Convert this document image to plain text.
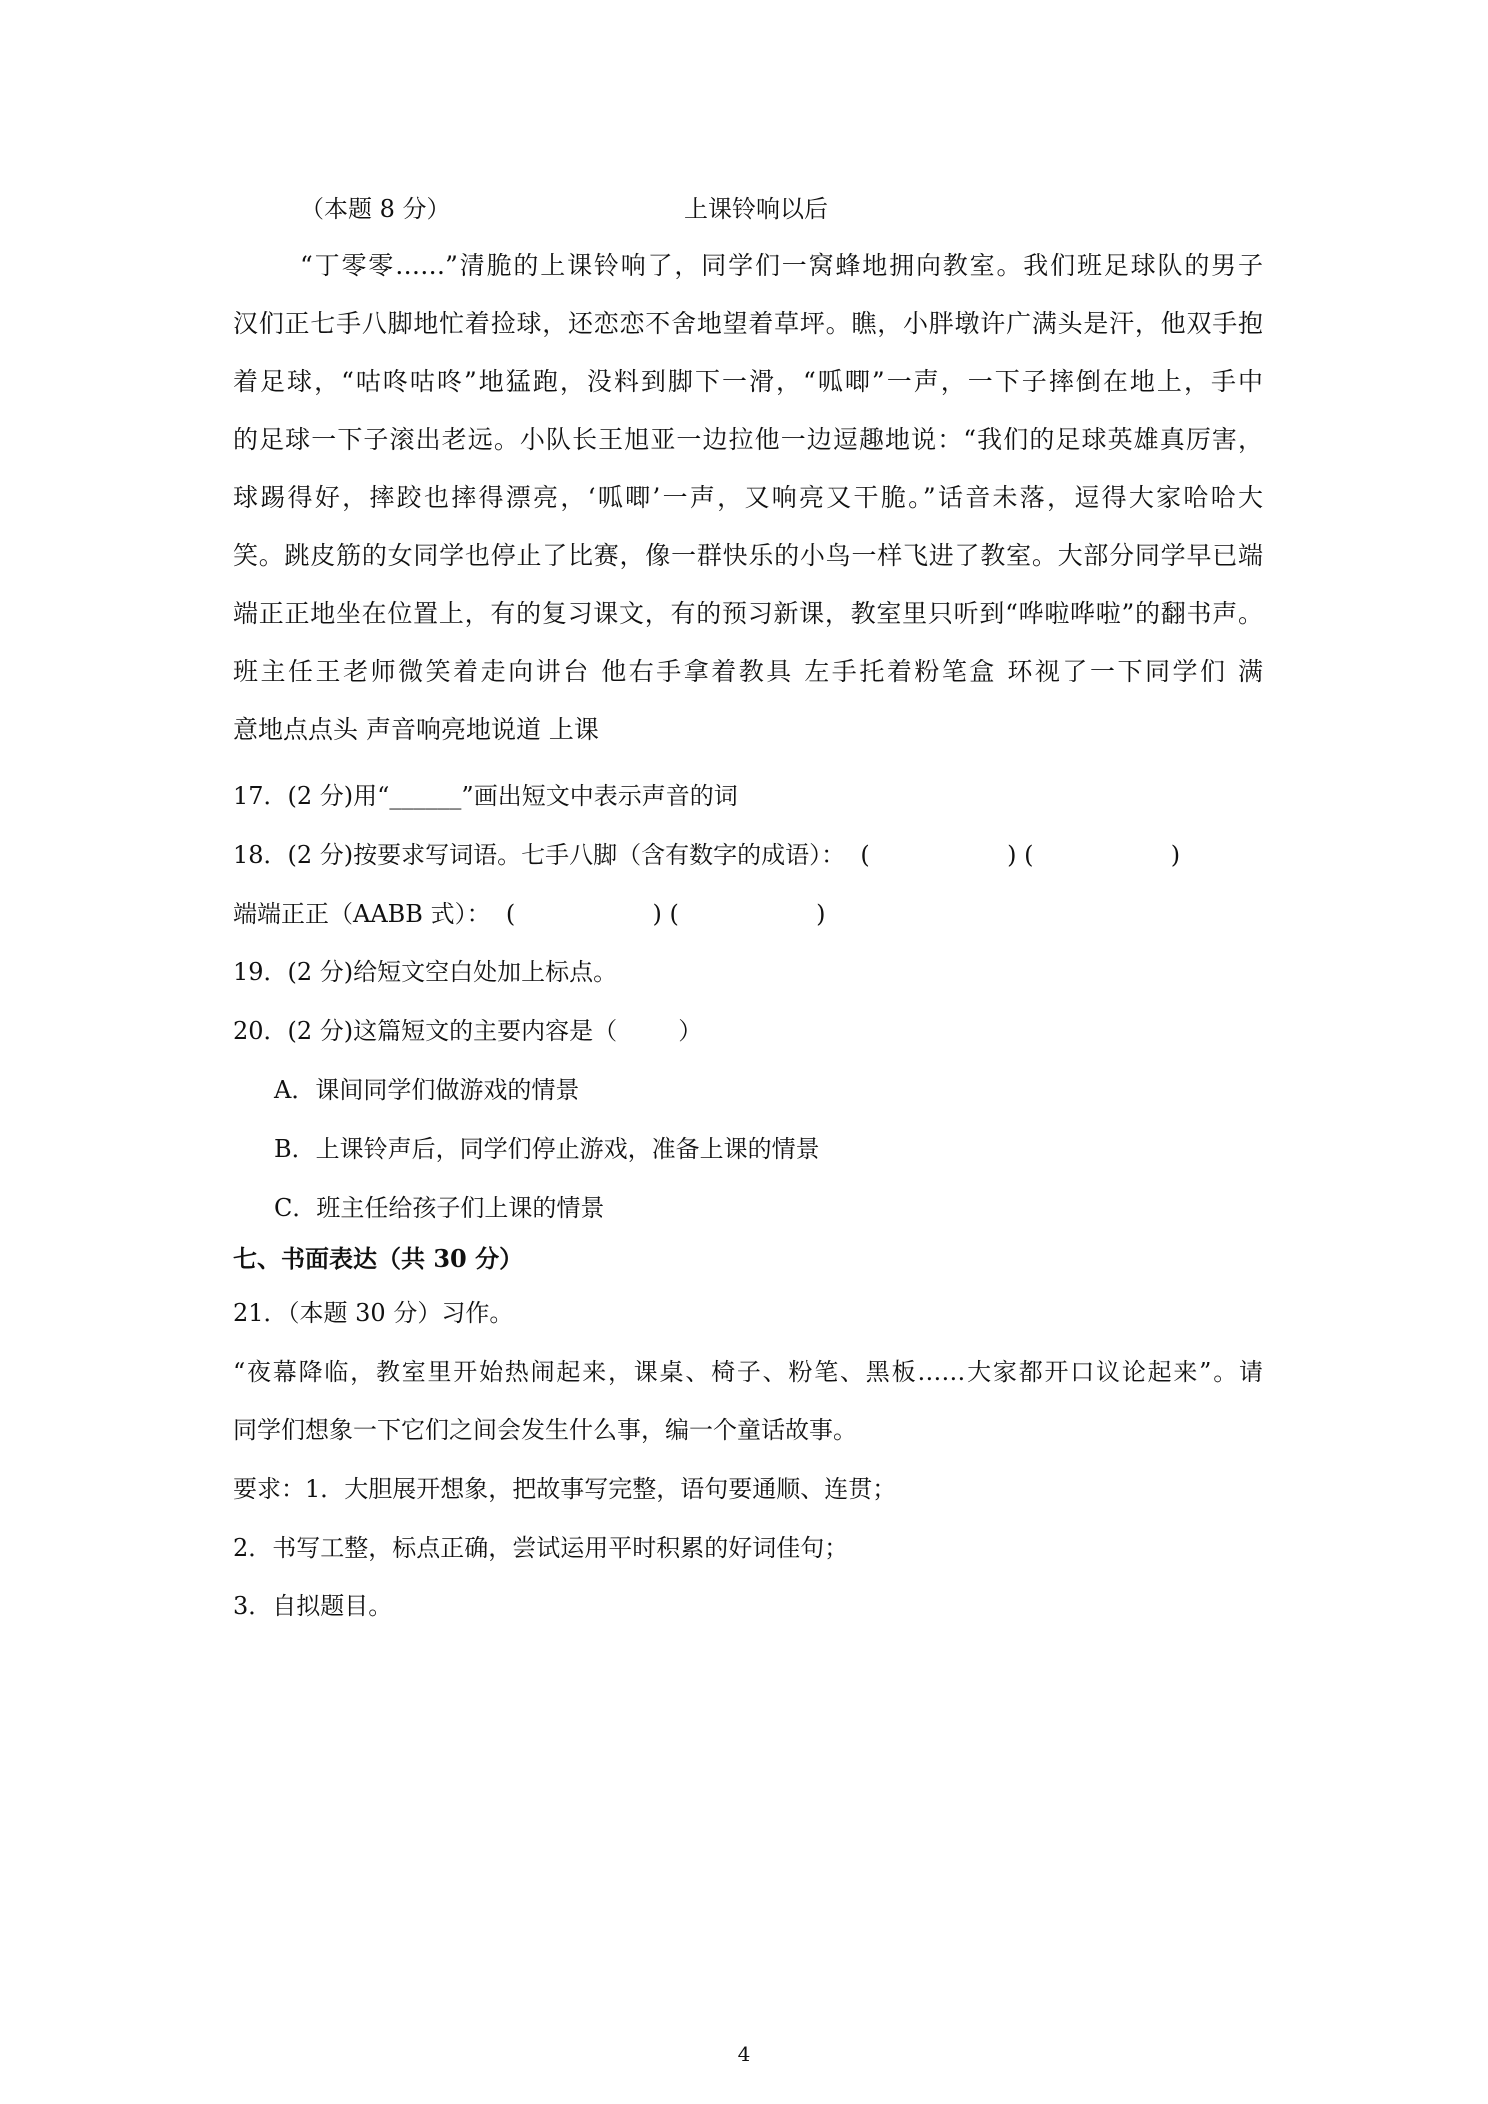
（本题 8 分）	上课铃响以后
“丁零零……”清脆的上课铃响了，同学们一窝蜂地拥向教室。我们班足球队的男子
汉们正七手八脚地忙着捡球，还恋恋不舍地望着草坪。瞧，小胖墩许广满头是汗，他双手抱
着足球，“咕咚咕咚”地猛跑，没料到脚下一滑，“呱唧”一声，一下子摔倒在地上，手中
的足球一下子滚出老远。小队长王旭亚一边拉他一边逗趣地说：“我们的足球英雄真厉害，
球踢得好，摔跤也摔得漂亮，‘呱唧’一声，又响亮又干脆。”话音未落，逗得大家哈哈大
笑。跳皮筋的女同学也停止了比赛，像一群快乐的小鸟一样飞进了教室。大部分同学早已端
端正正地坐在位置上，有的复习课文，有的预习新课，教室里只听到“哗啦哗啦”的翻书声。
班主任王老师微笑着走向讲台 他右手拿着教具 左手托着粉笔盒 环视了一下同学们 满
意地点点头 声音响亮地说道 上课
17．(2 分)用“______”画出短文中表示声音的词
18．(2 分)按要求写词语。七手八脚（含有数字的成语）：  (                  ) (                  )
端端正正（AABB 式）：  (                  ) (                  )
19．(2 分)给短文空白处加上标点。
20．(2 分)这篇短文的主要内容是（        ）
A．课间同学们做游戏的情景
B．上课铃声后，同学们停止游戏，准备上课的情景
C．班主任给孩子们上课的情景
七、书面表达（共 30 分）
21．（本题 30 分）习作。
“夜幕降临，教室里开始热闹起来，课桌、椅子、粉笔、黑板……大家都开口议论起来”。请
同学们想象一下它们之间会发生什么事，编一个童话故事。
要求：1．大胆展开想象，把故事写完整，语句要通顺、连贯；
2．书写工整，标点正确，尝试运用平时积累的好词佳句；
3．自拟题目。
4
